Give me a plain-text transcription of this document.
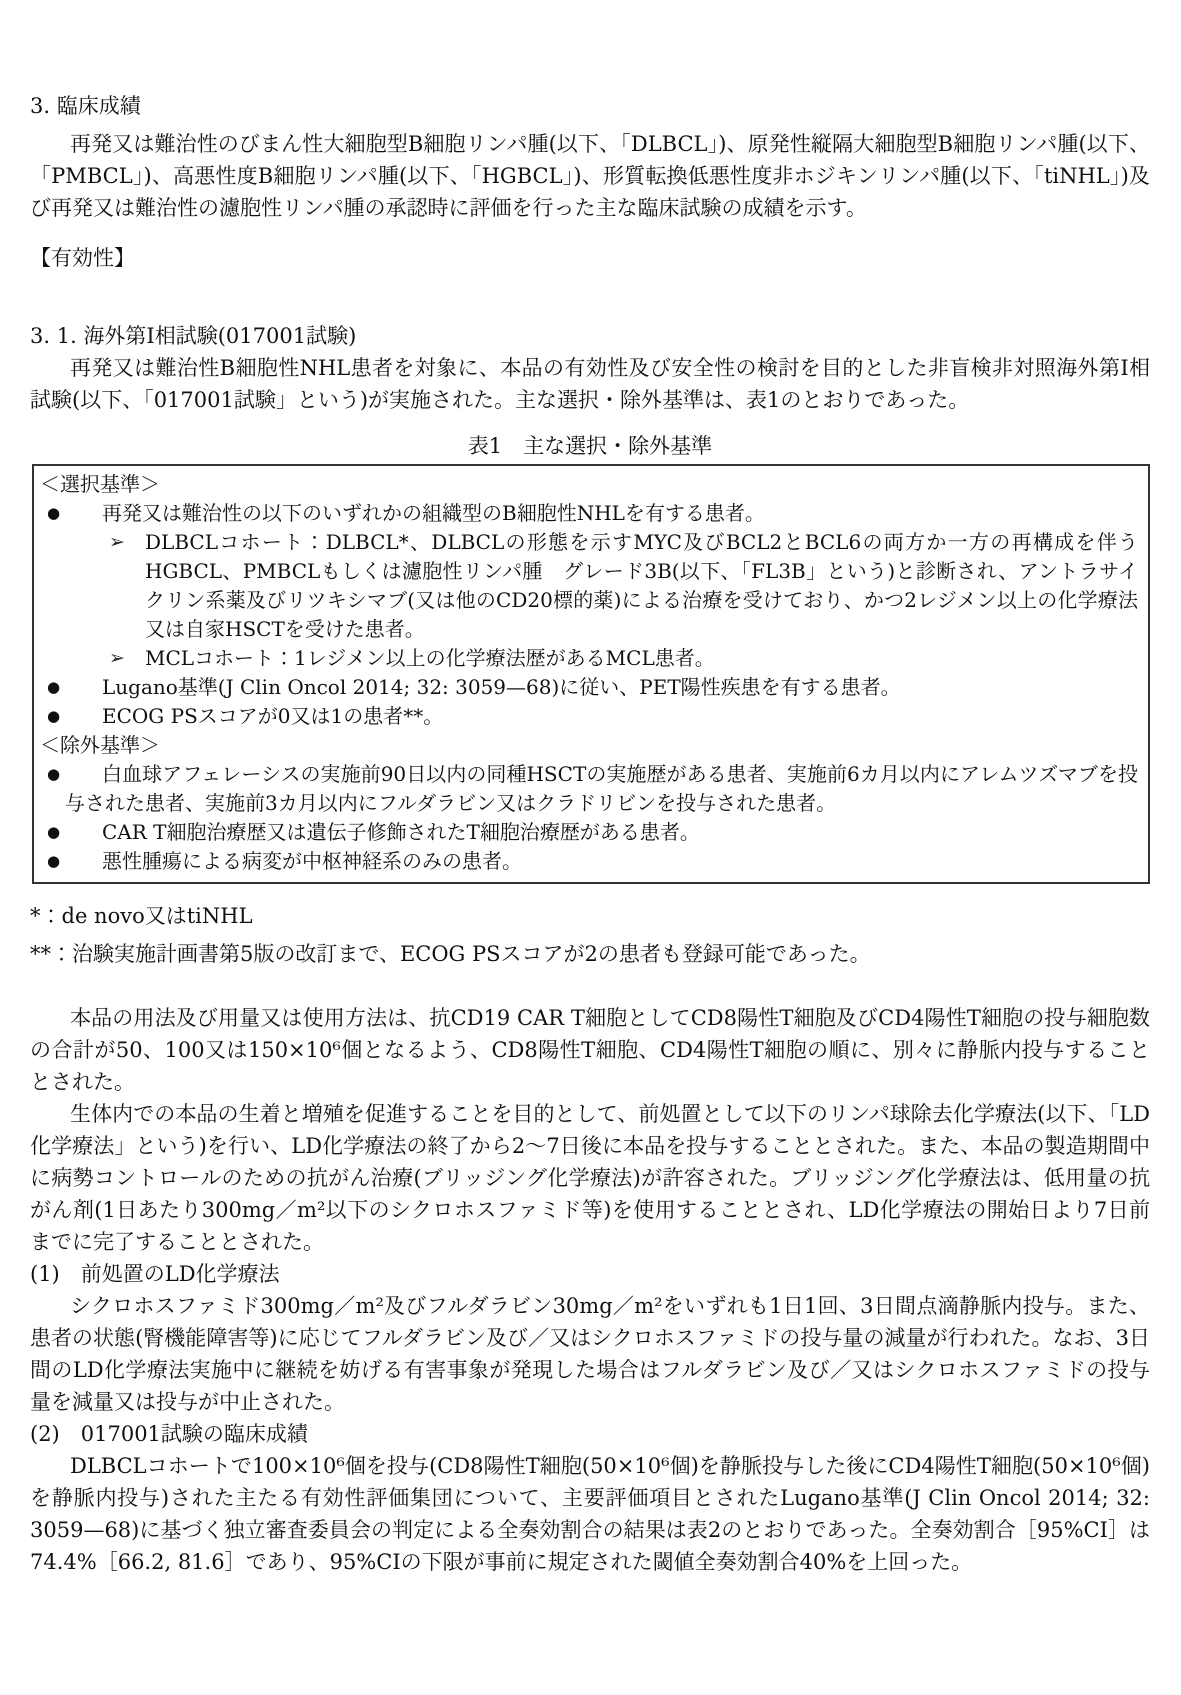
3. 臨床成績

再発又は難治性のびまん性大細胞型B細胞リンパ腫(以下、「DLBCL」)、原発性縦隔大細胞型B細胞リンパ腫(以下、「PMBCL」)、高悪性度B細胞リンパ腫(以下、「HGBCL」)、形質転換低悪性度非ホジキンリンパ腫(以下、「tiNHL」)及び再発又は難治性の濾胞性リンパ腫の承認時に評価を行った主な臨床試験の成績を示す。

【有効性】
3. 1. 海外第I相試験(017001試験)

再発又は難治性B細胞性NHL患者を対象に、本品の有効性及び安全性の検討を目的とした非盲検非対照海外第Ⅰ相試験(以下、「017001試験」という)が実施された。主な選択・除外基準は、表1のとおりであった。

表1　主な選択・除外基準
＜選択基準＞
● 再発又は難治性の以下のいずれかの組織型のB細胞性NHLを有する患者。
➢ DLBCLコホート：DLBCL*、DLBCLの形態を示すMYC及びBCL2とBCL6の両方か一方の再構成を伴うHGBCL、PMBCLもしくは濾胞性リンパ腫　グレード3B(以下、「FL3B」という)と診断され、アントラサイクリン系薬及びリツキシマブ(又は他のCD20標的薬)による治療を受けており、かつ2レジメン以上の化学療法又は自家HSCTを受けた患者。
➢ MCLコホート：1レジメン以上の化学療法歴があるMCL患者。
● Lugano基準(J Clin Oncol 2014; 32: 3059—68)に従い、PET陽性疾患を有する患者。
● ECOG PSスコアが0又は1の患者**。
＜除外基準＞
● 白血球アフェレーシスの実施前90日以内の同種HSCTの実施歴がある患者、実施前6カ月以内にアレムツズマブを投与された患者、実施前3カ月以内にフルダラビン又はクラドリビンを投与された患者。
● CAR T細胞治療歴又は遺伝子修飾されたT細胞治療歴がある患者。
● 悪性腫瘍による病変が中枢神経系のみの患者。

*：de novo又はtiNHL

**：治験実施計画書第5版の改訂まで、ECOG PSスコアが2の患者も登録可能であった。

本品の用法及び用量又は使用方法は、抗CD19 CAR T細胞としてCD8陽性T細胞及びCD4陽性T細胞の投与細胞数の合計が50、100又は150×10⁶個となるよう、CD8陽性T細胞、CD4陽性T細胞の順に、別々に静脈内投与することとされた。

生体内での本品の生着と増殖を促進することを目的として、前処置として以下のリンパ球除去化学療法(以下、「LD化学療法」という)を行い、LD化学療法の終了から2〜7日後に本品を投与することとされた。また、本品の製造期間中に病勢コントロールのための抗がん治療(ブリッジング化学療法)が許容された。ブリッジング化学療法は、低用量の抗がん剤(1日あたり300mg／m²以下のシクロホスファミド等)を使用することとされ、LD化学療法の開始日より7日前までに完了することとされた。

(1)　前処置のLD化学療法

シクロホスファミド300mg／m²及びフルダラビン30mg／m²をいずれも1日1回、3日間点滴静脈内投与。また、患者の状態(腎機能障害等)に応じてフルダラビン及び／又はシクロホスファミドの投与量の減量が行われた。なお、3日間のLD化学療法実施中に継続を妨げる有害事象が発現した場合はフルダラビン及び／又はシクロホスファミドの投与量を減量又は投与が中止された。

(2)　017001試験の臨床成績

DLBCLコホートで100×10⁶個を投与(CD8陽性T細胞(50×10⁶個)を静脈投与した後にCD4陽性T細胞(50×10⁶個)を静脈内投与)された主たる有効性評価集団について、主要評価項目とされたLugano基準(J Clin Oncol 2014; 32: 3059—68)に基づく独立審査委員会の判定による全奏効割合の結果は表2のとおりであった。全奏効割合［95%CI］は74.4%［66.2, 81.6］であり、95%CIの下限が事前に規定された閾値全奏効割合40%を上回った。
